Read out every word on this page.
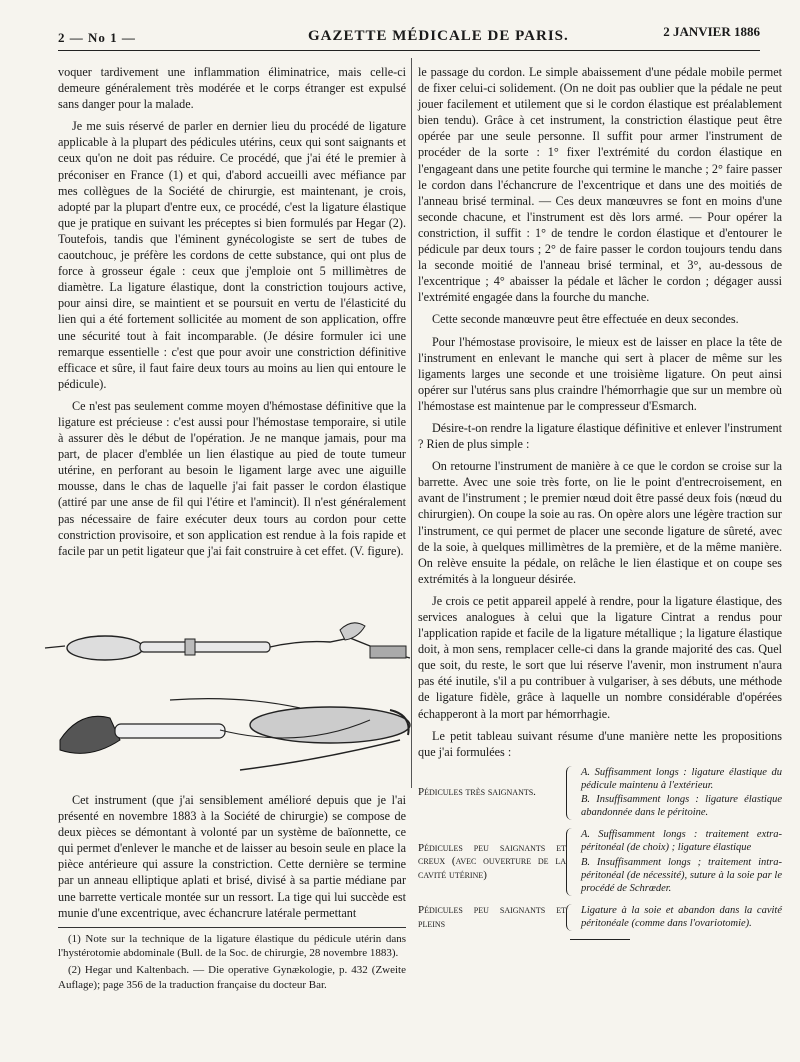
2 — No 1 —	GAZETTE MÉDICALE DE PARIS.	2 JANVIER 1886

voquer tardivement une inflammation éliminatrice, mais celle-ci demeure généralement très modérée et le corps étranger est expulsé sans danger pour la malade.

Je me suis réservé de parler en dernier lieu du procédé de ligature applicable à la plupart des pédicules utérins, ceux qui sont saignants et ceux qu'on ne doit pas réduire. Ce procédé, que j'ai été le premier à préconiser en France (1) et qui, d'abord accueilli avec méfiance par mes collègues de la Société de chirurgie, est maintenant, je crois, adopté par la plupart d'entre eux, ce procédé, c'est la ligature élastique que je pratique en suivant les préceptes si bien formulés par Hegar (2). Toutefois, tandis que l'éminent gynécologiste se sert de tubes de caoutchouc, je préfère les cordons de cette substance, qui ont plus de force à grosseur égale : ceux que j'emploie ont 5 millimètres de diamètre. La ligature élastique, dont la constriction toujours active, pour ainsi dire, se maintient et se poursuit en vertu de l'élasticité du lien qui a été fortement sollicitée au moment de son application, offre une sécurité tout à fait incomparable. (Je désire formuler ici une remarque essentielle : c'est que pour avoir une constriction définitive efficace et sûre, il faut faire deux tours au moins au lien qui entoure le pédicule).

Ce n'est pas seulement comme moyen d'hémostase définitive que la ligature est précieuse : c'est aussi pour l'hémostase temporaire, si utile à assurer dès le début de l'opération. Je ne manque jamais, pour ma part, de placer d'emblée un lien élastique au pied de toute tumeur utérine, en perforant au besoin le ligament large avec une aiguille mousse, dans le chas de laquelle j'ai fait passer le cordon élastique (attiré par une anse de fil qui l'étire et l'amincit). Il n'est généralement pas nécessaire de faire exécuter deux tours au cordon pour cette constriction provisoire, et son application est rendue à la fois rapide et facile par un petit ligateur que j'ai fait construire à cet effet. (V. figure).

Cet instrument (que j'ai sensiblement amélioré depuis que je l'ai présenté en novembre 1883 à la Société de chirurgie) se compose de deux pièces se démontant à volonté par un système de baïonnette, ce qui permet d'enlever le manche et de laisser au besoin seule en place la pièce antérieure qui assure la constriction. Cette dernière se termine par un anneau elliptique aplati et brisé, divisé à sa partie médiane par une barrette verticale montée sur un ressort. La tige qui lui succède est munie d'une excentrique, avec échancrure latérale permettant

(1) Note sur la technique de la ligature élastique du pédicule utérin dans l'hystérotomie abdominale (Bull. de la Soc. de chirurgie, 28 novembre 1883).

(2) Hegar und Kaltenbach. — Die operative Gynækologie, p. 432 (Zweite Auflage); page 356 de la traduction française du docteur Bar.

le passage du cordon. Le simple abaissement d'une pédale mobile permet de fixer celui-ci solidement. (On ne doit pas oublier que la pédale ne peut jouer facilement et utilement que si le cordon élastique est préalablement bien tendu). Grâce à cet instrument, la constriction élastique peut être opérée par une seule personne. Il suffit pour armer l'instrument de procéder de la sorte : 1° fixer l'extrémité du cordon élastique en l'engageant dans une petite fourche qui termine le manche ; 2° faire passer le cordon dans l'échancrure de l'excentrique et dans une des moitiés de l'anneau brisé terminal. — Ces deux manœuvres se font en moins d'une seconde chacune, et l'instrument est dès lors armé. — Pour opérer la constriction, il suffit : 1° de tendre le cordon élastique et d'entourer le pédicule par deux tours ; 2° de faire passer le cordon toujours tendu dans la seconde moitié de l'anneau brisé terminal, et 3°, au-dessous de l'excentrique ; 4° abaisser la pédale et lâcher le cordon ; dégager aussi l'extrémité engagée dans la fourche du manche.

Cette seconde manœuvre peut être effectuée en deux secondes.

Pour l'hémostase provisoire, le mieux est de laisser en place la tête de l'instrument en enlevant le manche qui sert à placer de même sur les ligaments larges une seconde et une troisième ligature. On peut ainsi opérer sur l'utérus sans plus craindre l'hémorrhagie que sur un membre où l'hémostase est maintenue par le compresseur d'Esmarch.

Désire-t-on rendre la ligature élastique définitive et enlever l'instrument ? Rien de plus simple :

On retourne l'instrument de manière à ce que le cordon se croise sur la barrette. Avec une soie très forte, on lie le point d'entrecroisement, en avant de l'instrument ; le premier nœud doit être passé deux fois (nœud du chirurgien). On coupe la soie au ras. On opère alors une légère traction sur l'instrument, ce qui permet de placer une seconde ligature de sûreté, avec de la soie, à quelques millimètres de la première, et de la même manière. On relève ensuite la pédale, on relâche le lien élastique et on coupe ses extrémités à la longueur désirée.

Je crois ce petit appareil appelé à rendre, pour la ligature élastique, des services analogues à celui que la ligature Cintrat a rendus pour l'application rapide et facile de la ligature métallique ; la ligature élastique doit, à mon sens, remplacer celle-ci dans la grande majorité des cas. Quel que soit, du reste, le sort que lui réserve l'avenir, mon instrument n'aura pas été inutile, s'il a pu contribuer à vulgariser, à ses débuts, une méthode de ligature fidèle, grâce à laquelle un nombre considérable d'opérées échapperont à la mort par hémorrhagie.

Le petit tableau suivant résume d'une manière nette les propositions que j'ai formulées :

Pédicules très saignants.
A. Suffisamment longs : ligature élastique du pédicule maintenu à l'extérieur.
B. Insuffisamment longs : ligature élastique abandonnée dans le péritoine.
Pédicules peu saignants et creux (avec ouverture de la cavité utérine)
A. Suffisamment longs : traitement extra-péritonéal (de choix) ; ligature élastique
B. Insuffisamment longs ; traitement intra-péritonéal (de nécessité), suture à la soie par le procédé de Schrœder.
Pédicules peu saignants et pleins
Ligature à la soie et abandon dans la cavité péritonéale (comme dans l'ovariotomie).
